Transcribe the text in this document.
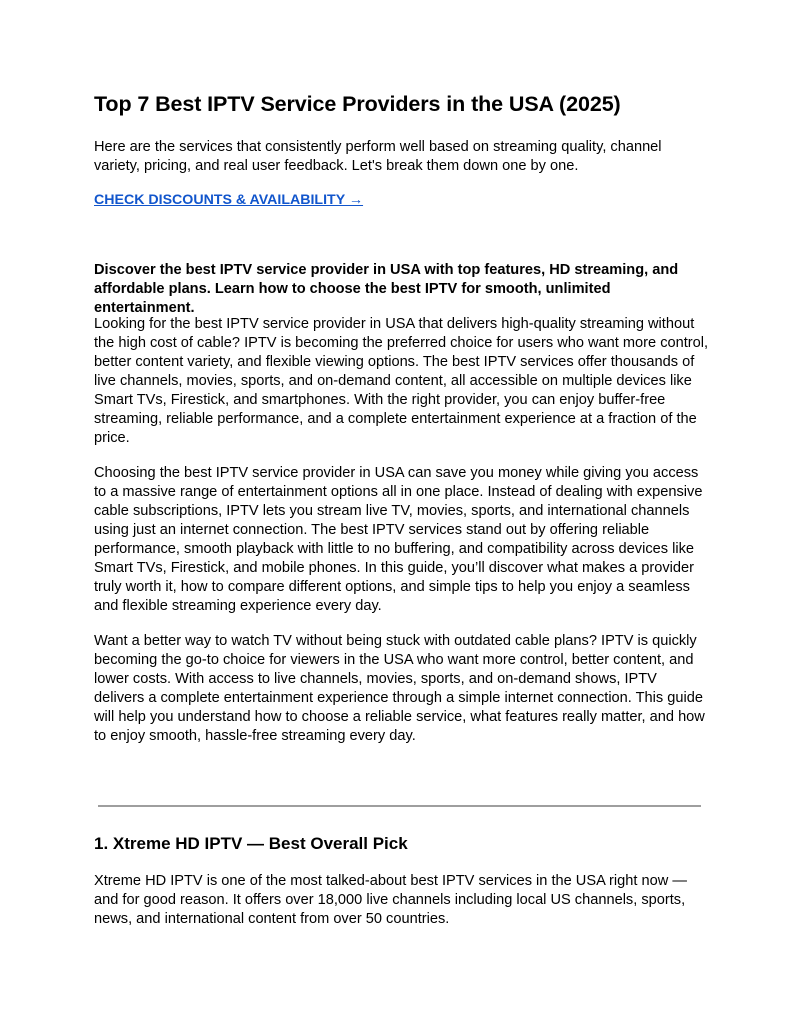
Top 7 Best IPTV Service Providers in the USA (2025)

Here are the services that consistently perform well based on streaming quality, channel variety, pricing, and real user feedback. Let's break them down one by one.

CHECK DISCOUNTS & AVAILABILITY →

Discover the best IPTV service provider in USA with top features, HD streaming, and affordable plans. Learn how to choose the best IPTV for smooth, unlimited entertainment.

Looking for the best IPTV service provider in USA that delivers high-quality streaming without the high cost of cable? IPTV is becoming the preferred choice for users who want more control, better content variety, and flexible viewing options. The best IPTV services offer thousands of live channels, movies, sports, and on-demand content, all accessible on multiple devices like Smart TVs, Firestick, and smartphones. With the right provider, you can enjoy buffer-free streaming, reliable performance, and a complete entertainment experience at a fraction of the price.

Choosing the best IPTV service provider in USA can save you money while giving you access to a massive range of entertainment options all in one place. Instead of dealing with expensive cable subscriptions, IPTV lets you stream live TV, movies, sports, and international channels using just an internet connection. The best IPTV services stand out by offering reliable performance, smooth playback with little to no buffering, and compatibility across devices like Smart TVs, Firestick, and mobile phones. In this guide, you’ll discover what makes a provider truly worth it, how to compare different options, and simple tips to help you enjoy a seamless and flexible streaming experience every day.

Want a better way to watch TV without being stuck with outdated cable plans? IPTV is quickly becoming the go-to choice for viewers in the USA who want more control, better content, and lower costs. With access to live channels, movies, sports, and on-demand shows, IPTV delivers a complete entertainment experience through a simple internet connection. This guide will help you understand how to choose a reliable service, what features really matter, and how to enjoy smooth, hassle-free streaming every day.

1. Xtreme HD IPTV — Best Overall Pick

Xtreme HD IPTV is one of the most talked-about best IPTV services in the USA right now — and for good reason. It offers over 18,000 live channels including local US channels, sports, news, and international content from over 50 countries.
